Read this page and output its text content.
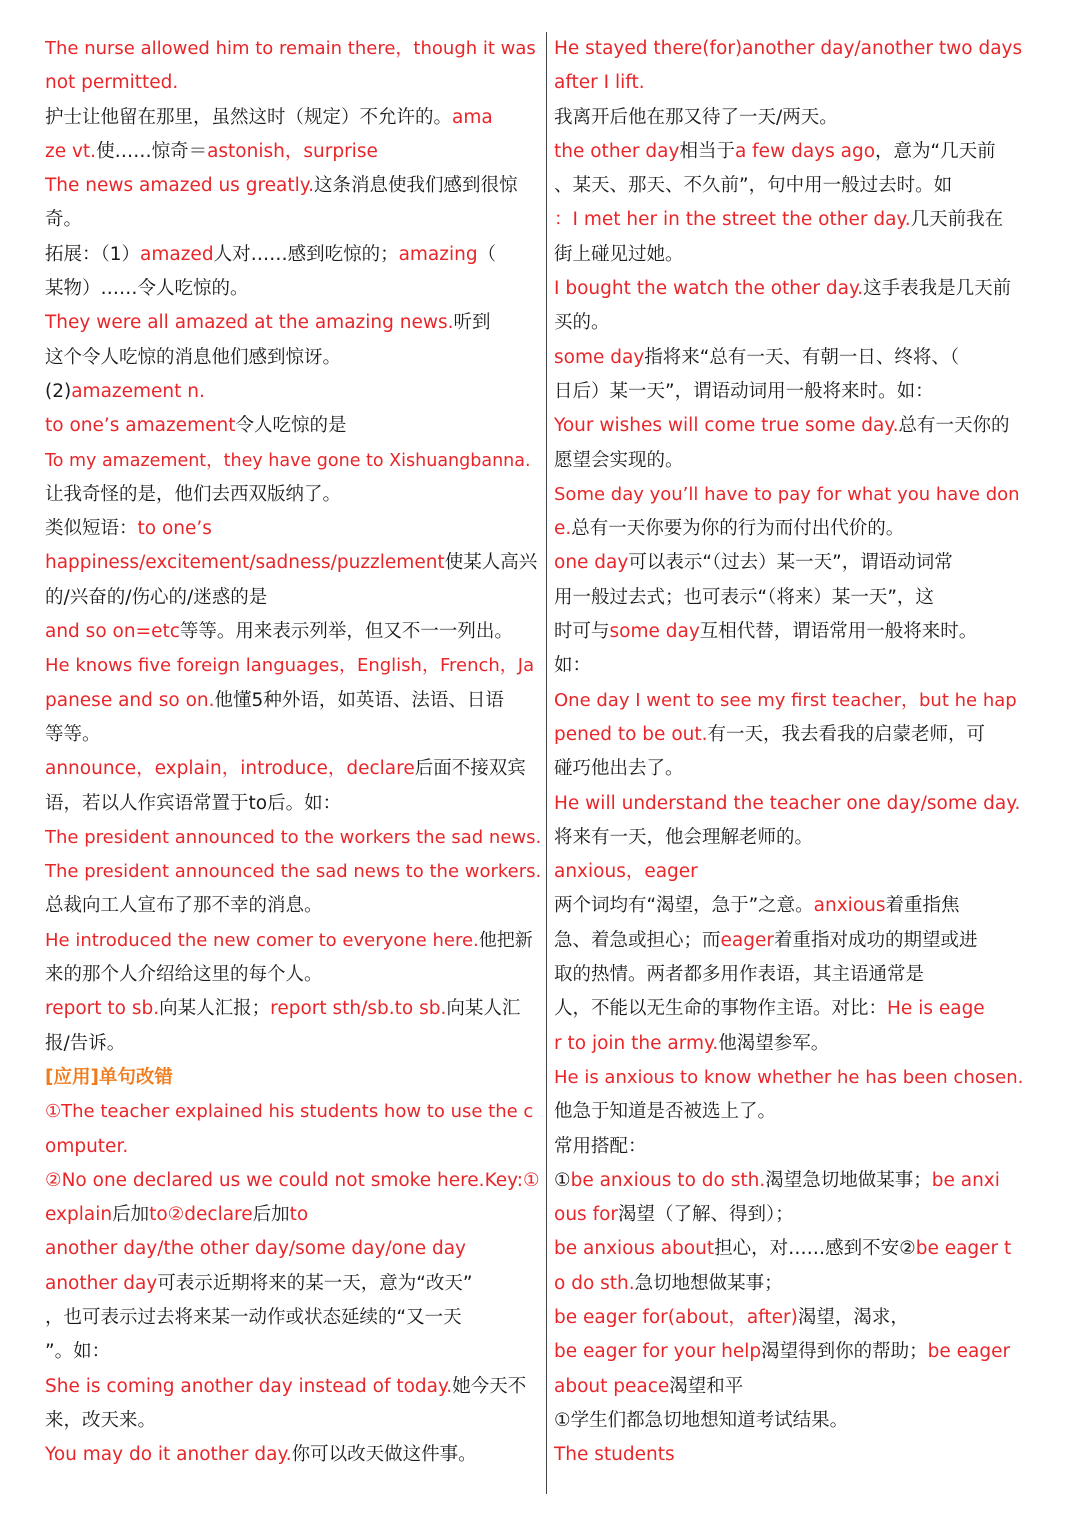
The nurse allowed him to remain there，though it was
not permitted.
护士让他留在那里，虽然这时（规定）不允许的。ama
ze vt.使……惊奇＝astonish，surprise
The news amazed us greatly.这条消息使我们感到很惊
奇。
拓展：（1）amazed人对……感到吃惊的；amazing（
某物）……令人吃惊的。
They were all amazed at the amazing news.听到
这个令人吃惊的消息他们感到惊讶。
(2)amazement n.
to one’s amazement令人吃惊的是
To my amazement，they have gone to Xishuangbanna.
让我奇怪的是，他们去西双版纳了。
类似短语：to one’s
happiness/excitement/sadness/puzzlement使某人高兴
的/兴奋的/伤心的/迷惑的是
and so on=etc等等。用来表示列举，但又不一一列出。
He knows five foreign languages，English，French，Ja
panese and so on.他懂5种外语，如英语、法语、日语
等等。
announce，explain，introduce，declare后面不接双宾
语，若以人作宾语常置于to后。如：
The president announced to the workers the sad news.
The president announced the sad news to the workers.
总裁向工人宣布了那不幸的消息。
He introduced the new comer to everyone here.他把新
来的那个人介绍给这里的每个人。
report to sb.向某人汇报；report sth/sb.to sb.向某人汇
报/告诉。
[应用]单句改错
①The teacher explained his students how to use the c
omputer.
②No one declared us we could not smoke here.Key:①
explain后加to②declare后加to
another day/the other day/some day/one day
another day可表示近期将来的某一天，意为“改天”
，也可表示过去将来某一动作或状态延续的“又一天
”。如：
She is coming another day instead of today.她今天不
来，改天来。
You may do it another day.你可以改天做这件事。
He stayed there(for)another day/another two days
after I lift.
我离开后他在那又待了一天/两天。
the other day相当于a few days ago，意为“几天前
、某天、那天、不久前”，句中用一般过去时。如
：I met her in the street the other day.几天前我在
街上碰见过她。
I bought the watch the other day.这手表我是几天前
买的。
some day指将来“总有一天、有朝一日、终将、（
日后）某一天”，谓语动词用一般将来时。如：
Your wishes will come true some day.总有一天你的
愿望会实现的。
Some day you’ll have to pay for what you have don
e.总有一天你要为你的行为而付出代价的。
one day可以表示“（过去）某一天”，谓语动词常
用一般过去式；也可表示“（将来）某一天”，这
时可与some day互相代替，谓语常用一般将来时。
如：
One day I went to see my first teacher，but he hap
pened to be out.有一天，我去看我的启蒙老师，可
碰巧他出去了。
He will understand the teacher one day/some day.
将来有一天，他会理解老师的。
anxious，eager
两个词均有“渴望，急于”之意。anxious着重指焦
急、着急或担心；而eager着重指对成功的期望或进
取的热情。两者都多用作表语，其主语通常是
人，不能以无生命的事物作主语。对比：He is eage
r to join the army.他渴望参军。
He is anxious to know whether he has been chosen.
他急于知道是否被选上了。
常用搭配：
①be anxious to do sth.渴望急切地做某事；be anxi
ous for渴望（了解、得到）；
be anxious about担心，对……感到不安②be eager t
o do sth.急切地想做某事；
be eager for(about，after)渴望，渴求，
be eager for your help渴望得到你的帮助；be eager
about peace渴望和平
①学生们都急切地想知道考试结果。
The students
